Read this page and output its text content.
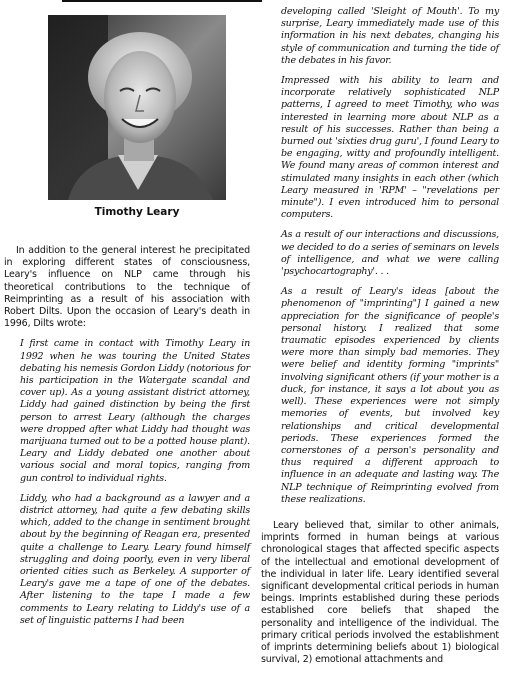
Timothy Leary

In addition to the general interest he precipitated in exploring different states of consciousness, Leary's influence on NLP came through his theoretical contributions to the technique of Reimprinting as a result of his association with Robert Dilts. Upon the occasion of Leary's death in 1996, Dilts wrote:

I first came in contact with Timothy Leary in 1992 when he was touring the United States debating his nemesis Gordon Liddy (notorious for his participation in the Watergate scandal and cover up). As a young assistant district attorney, Liddy had gained distinction by being the first person to arrest Leary (although the charges were dropped after what Liddy had thought was marijuana turned out to be a potted house plant). Leary and Liddy debated one another about various social and moral topics, ranging from gun control to individual rights.

Liddy, who had a background as a lawyer and a district attorney, had quite a few debating skills which, added to the change in sentiment brought about by the beginning of Reagan era, presented quite a challenge to Leary. Leary found himself struggling and doing poorly, even in very liberal oriented cities such as Berkeley. A supporter of Leary's gave me a tape of one of the debates. After listening to the tape I made a few comments to Leary relating to Liddy's use of a set of linguistic patterns I had been

developing called 'Sleight of Mouth'. To my surprise, Leary immediately made use of this information in his next debates, changing his style of communication and turning the tide of the debates in his favor.

Impressed with his ability to learn and incorporate relatively sophisticated NLP patterns, I agreed to meet Timothy, who was interested in learning more about NLP as a result of his successes. Rather than being a burned out 'sixties drug guru', I found Leary to be engaging, witty and profoundly intelligent. We found many areas of common interest and stimulated many insights in each other (which Leary measured in 'RPM' – "revelations per minute"). I even introduced him to personal computers.

As a result of our interactions and discussions, we decided to do a series of seminars on levels of intelligence, and what we were calling 'psychocartography'. . .

As a result of Leary's ideas [about the phenomenon of "imprinting"] I gained a new appreciation for the significance of people's personal history. I realized that some traumatic episodes experienced by clients were more than simply bad memories. They were belief and identity forming "imprints" involving significant others (if your mother is a duck, for instance, it says a lot about you as well). These experiences were not simply memories of events, but involved key relationships and critical developmental periods. These experiences formed the cornerstones of a person's personality and thus required a different approach to influence in an adequate and lasting way. The NLP technique of Reimprinting evolved from these realizations.

Leary believed that, similar to other animals, imprints formed in human beings at various chronological stages that affected specific aspects of the intellectual and emotional development of the individual in later life. Leary identified several significant developmental critical periods in human beings. Imprints established during these periods established core beliefs that shaped the personality and intelligence of the individual. The primary critical periods involved the establishment of imprints determining beliefs about 1) biological survival, 2) emotional attachments and
